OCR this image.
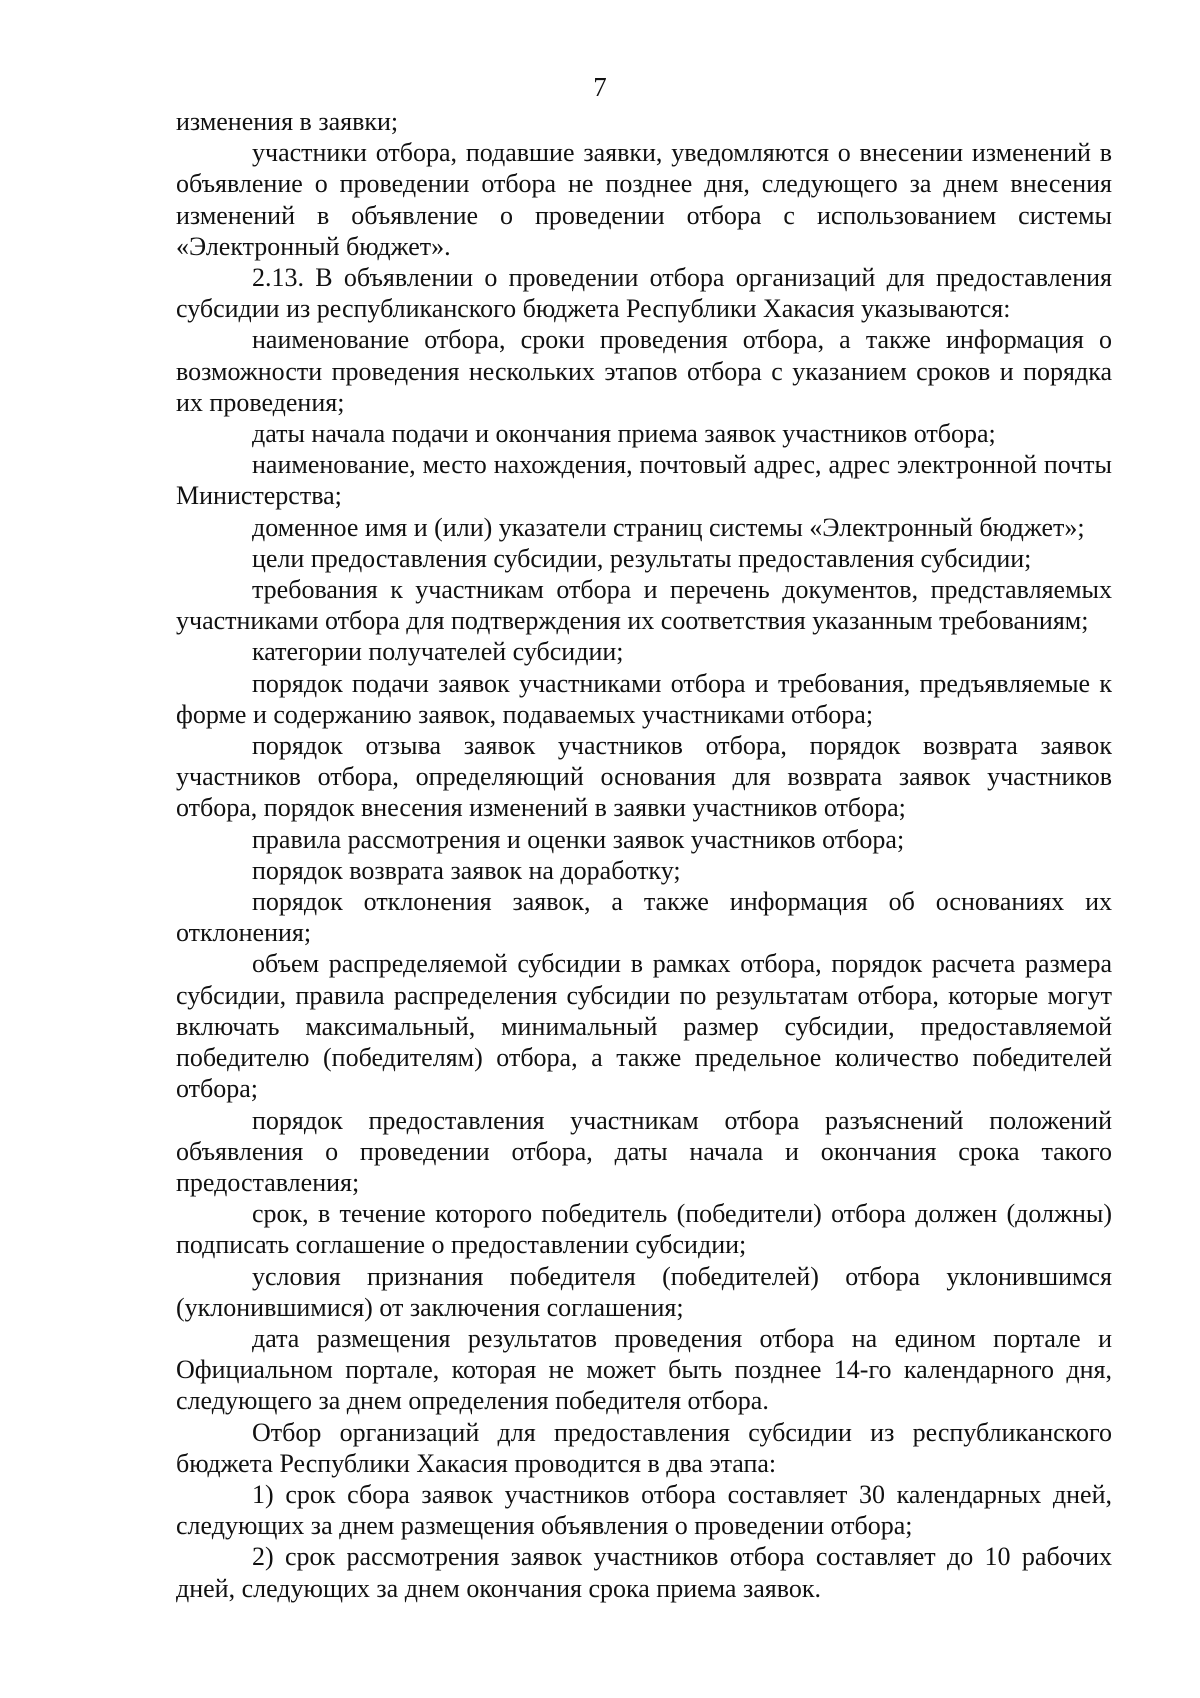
7

изменения в заявки;

участники отбора, подавшие заявки, уведомляются о внесении изменений в объявление о проведении отбора не позднее дня, следующего за днем внесения изменений в объявление о проведении отбора с использованием системы «Электронный бюджет».

2.13. В объявлении о проведении отбора организаций для предоставления субсидии из республиканского бюджета Республики Хакасия указываются:

наименование отбора, сроки проведения отбора, а также информация о возможности проведения нескольких этапов отбора с указанием сроков и порядка их проведения;

даты начала подачи и окончания приема заявок участников отбора;

наименование, место нахождения, почтовый адрес, адрес электронной почты Министерства;

доменное имя и (или) указатели страниц системы «Электронный бюджет»;

цели предоставления субсидии, результаты предоставления субсидии;

требования к участникам отбора и перечень документов, представляемых участниками отбора для подтверждения их соответствия указанным требованиям;

категории получателей субсидии;

порядок подачи заявок участниками отбора и требования, предъявляемые к форме и содержанию заявок, подаваемых участниками отбора;

порядок отзыва заявок участников отбора, порядок возврата заявок участников отбора, определяющий основания для возврата заявок участников отбора, порядок внесения изменений в заявки участников отбора;

правила рассмотрения и оценки заявок участников отбора;

порядок возврата заявок на доработку;

порядок отклонения заявок, а также информация об основаниях их отклонения;

объем распределяемой субсидии в рамках отбора, порядок расчета размера субсидии, правила распределения субсидии по результатам отбора, которые могут включать максимальный, минимальный размер субсидии, предоставляемой победителю (победителям) отбора, а также предельное количество победителей отбора;

порядок предоставления участникам отбора разъяснений положений объявления о проведении отбора, даты начала и окончания срока такого предоставления;

срок, в течение которого победитель (победители) отбора должен (должны) подписать соглашение о предоставлении субсидии;

условия признания победителя (победителей) отбора уклонившимся (уклонившимися) от заключения соглашения;

дата размещения результатов проведения отбора на едином портале и Официальном портале, которая не может быть позднее 14-го календарного дня, следующего за днем определения победителя отбора.

Отбор организаций для предоставления субсидии из республиканского бюджета Республики Хакасия проводится в два этапа:

1) срок сбора заявок участников отбора составляет 30 календарных дней, следующих за днем размещения объявления о проведении отбора;

2) срок рассмотрения заявок участников отбора составляет до 10 рабочих дней, следующих за днем окончания срока приема заявок.
